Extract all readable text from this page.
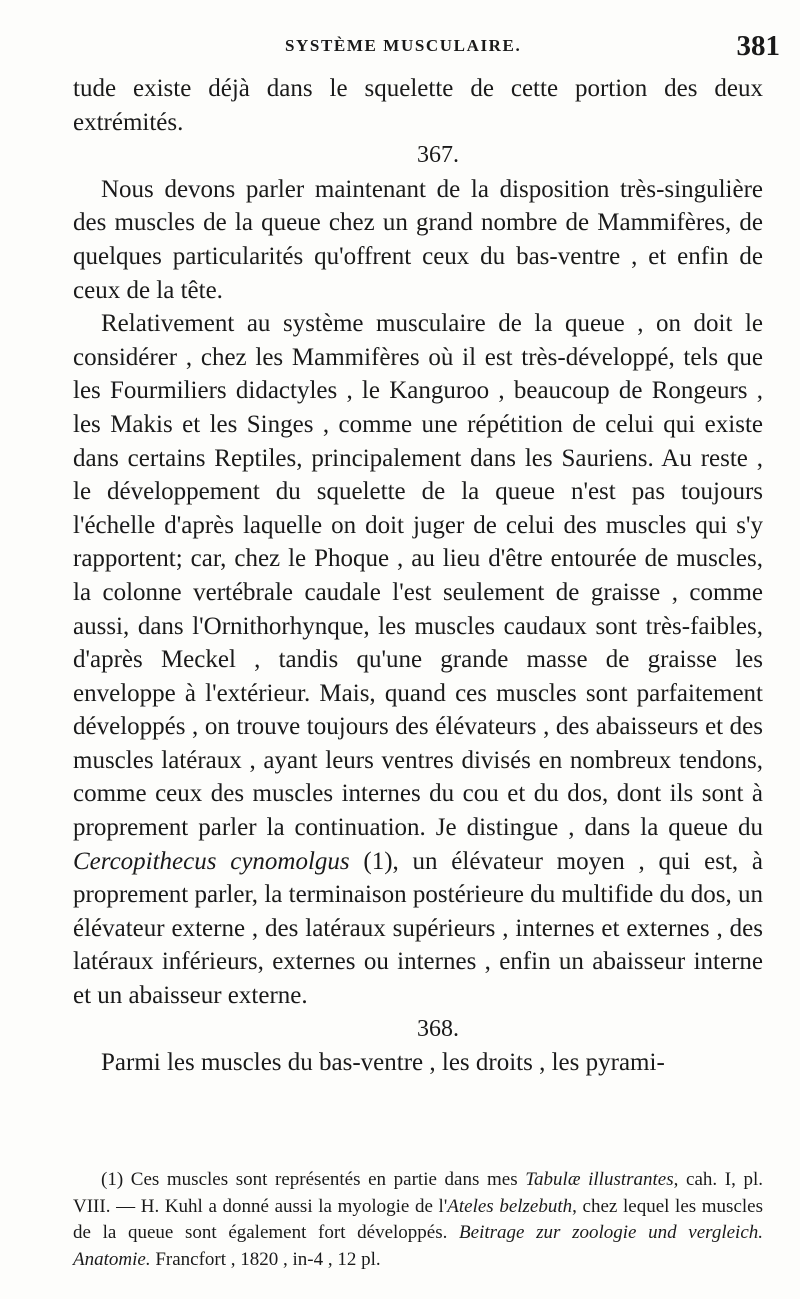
SYSTÈME MUSCULAIRE.	381

tude existe déjà dans le squelette de cette portion des deux extrémités.

367.

Nous devons parler maintenant de la disposition très-singulière des muscles de la queue chez un grand nombre de Mammifères, de quelques particularités qu'offrent ceux du bas-ventre , et enfin de ceux de la tête.

Relativement au système musculaire de la queue , on doit le considérer , chez les Mammifères où il est très-développé, tels que les Fourmiliers didactyles , le Kanguroo , beaucoup de Rongeurs , les Makis et les Singes , comme une répétition de celui qui existe dans certains Reptiles, principalement dans les Sauriens. Au reste , le développement du squelette de la queue n'est pas toujours l'échelle d'après laquelle on doit juger de celui des muscles qui s'y rapportent; car, chez le Phoque , au lieu d'être entourée de muscles, la colonne vertébrale caudale l'est seulement de graisse , comme aussi, dans l'Ornithorhynque, les muscles caudaux sont très-faibles, d'après Meckel , tandis qu'une grande masse de graisse les enveloppe à l'extérieur. Mais, quand ces muscles sont parfaitement développés , on trouve toujours des élévateurs , des abaisseurs et des muscles latéraux , ayant leurs ventres divisés en nombreux tendons, comme ceux des muscles internes du cou et du dos, dont ils sont à proprement parler la continuation. Je distingue , dans la queue du Cercopithecus cynomolgus (1), un élévateur moyen , qui est, à proprement parler, la terminaison postérieure du multifide du dos, un élévateur externe , des latéraux supérieurs , internes et externes , des latéraux inférieurs, externes ou internes , enfin un abaisseur interne et un abaisseur externe.

368.

Parmi les muscles du bas-ventre , les droits , les pyrami-

(1) Ces muscles sont représentés en partie dans mes Tabulæ illustrantes, cah. I, pl. VIII. — H. Kuhl a donné aussi la myologie de l'Ateles belzebuth, chez lequel les muscles de la queue sont également fort développés. Beitrage zur zoologie und vergleich. Anatomie. Francfort , 1820 , in-4 , 12 pl.
